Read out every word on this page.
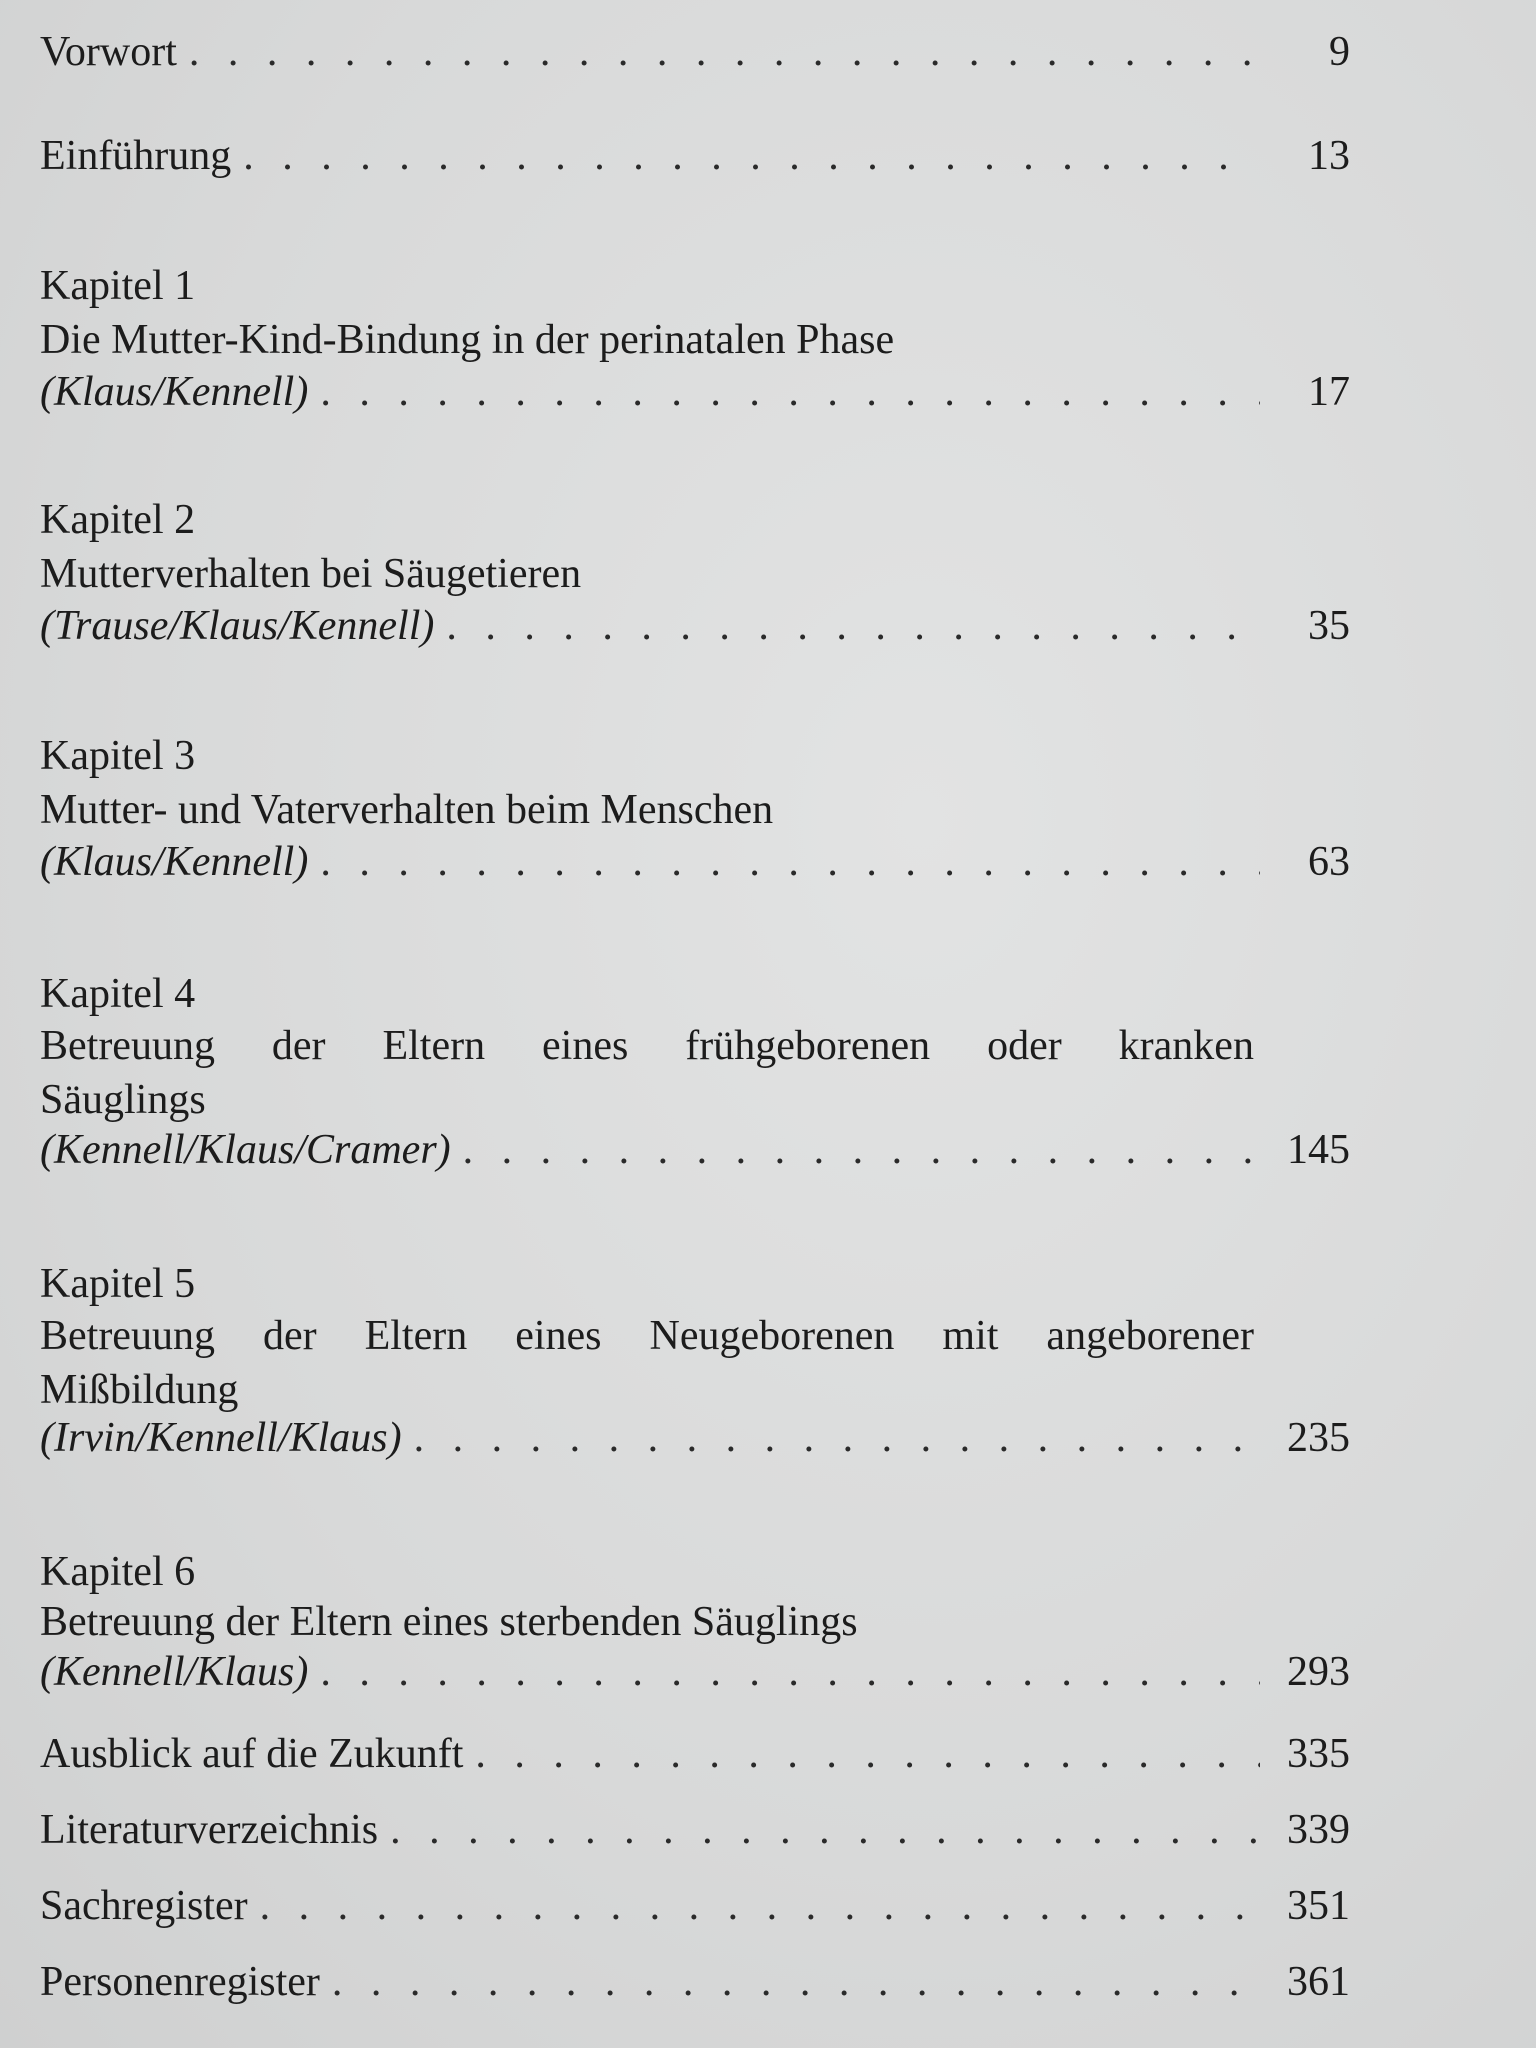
Vorwort . . .	9
Einführung . . .	13
Kapitel 1
Die Mutter-Kind-Bindung in der perinatalen Phase
(Klaus/Kennell) . . .	17
Kapitel 2
Mutterverhalten bei Säugetieren
(Trause/Klaus/Kennell) . . .	35
Kapitel 3
Mutter- und Vaterverhalten beim Menschen
(Klaus/Kennell) . . .	63
Kapitel 4
Betreuung der Eltern eines frühgeborenen oder kranken
Säuglings
(Kennell/Klaus/Cramer) . . .	145
Kapitel 5
Betreuung der Eltern eines Neugeborenen mit angeborener
Mißbildung
(Irvin/Kennell/Klaus) . . .	235
Kapitel 6
Betreuung der Eltern eines sterbenden Säuglings
(Kennell/Klaus) . . .	293
Ausblick auf die Zukunft . . .	335
Literaturverzeichnis . . .	339
Sachregister . . .	351
Personenregister . . .	361
